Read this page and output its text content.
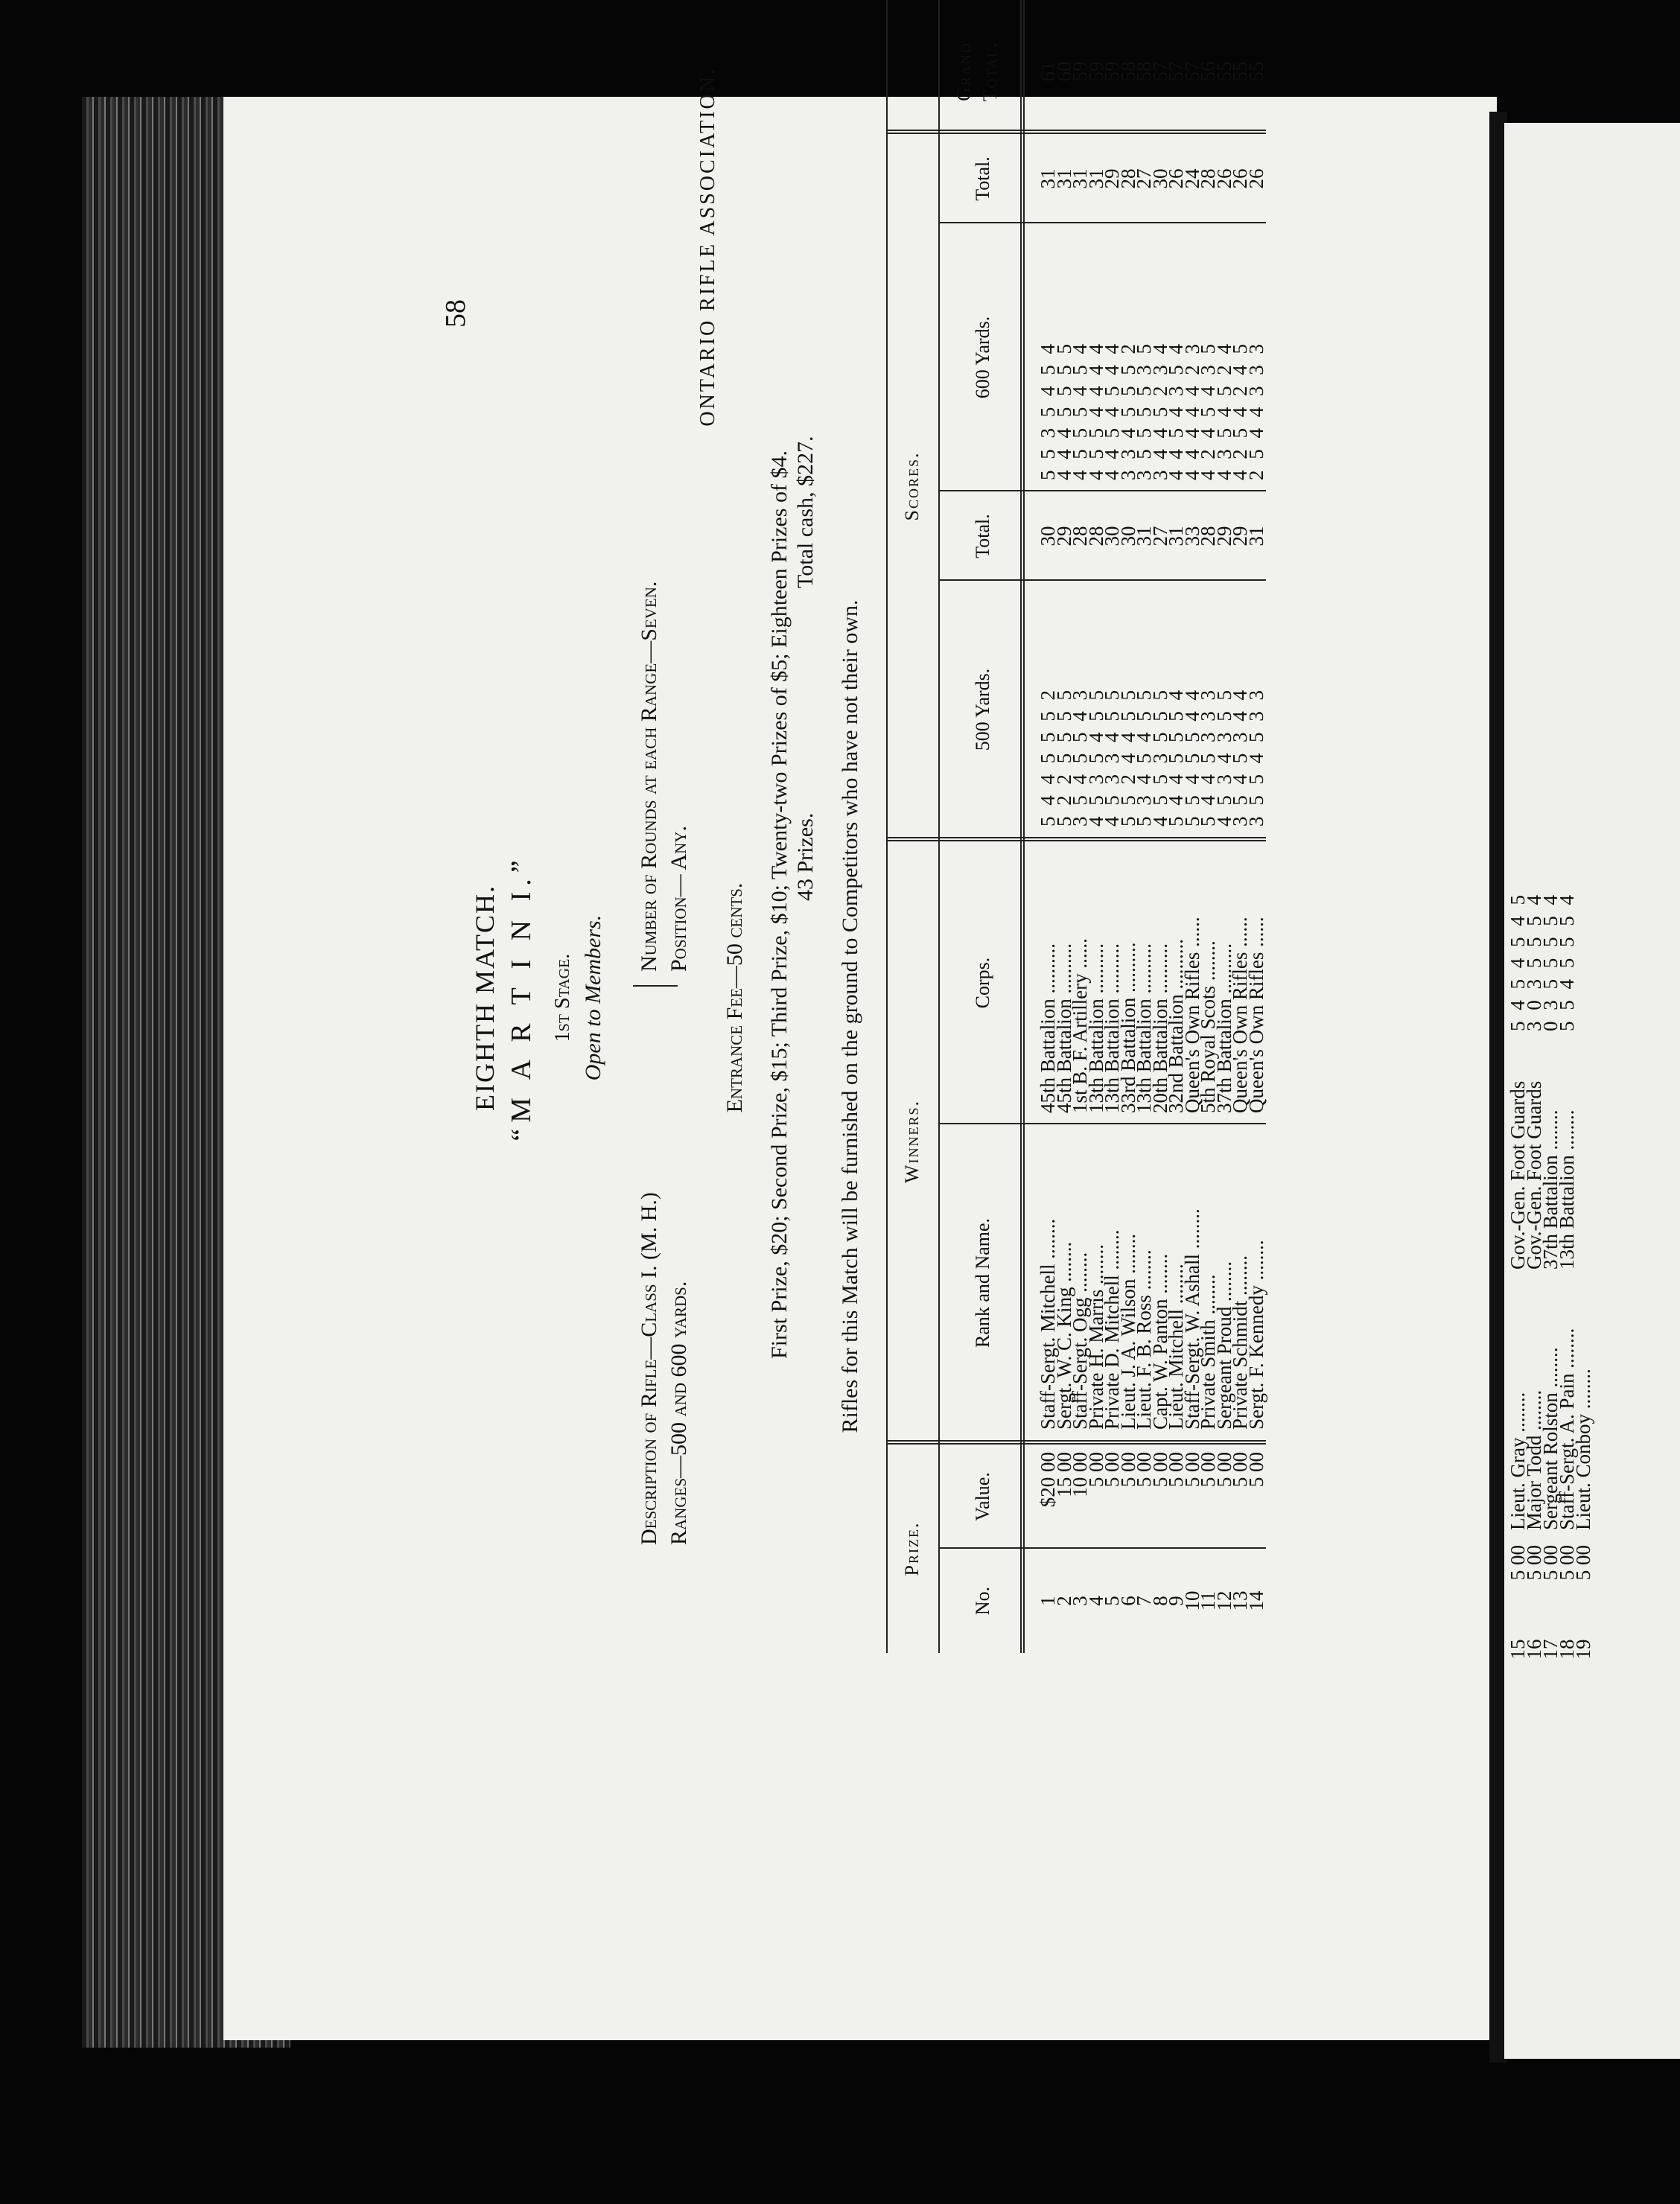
58	ONTARIO RIFLE ASSOCIATION.
EIGHTH MATCH. “M A R T I N I.” 1st Stage. Open to Members.
Description of Rifle—Class I. (M. H.) Ranges—500 and 600 yards.
Number of Rounds at each Range—Seven. Position— Any. Entrance Fee—50 cents. First Prize, $20; Second Prize, $15; Third Prize, $10; Twenty-two Prizes of $5; Eighteen Prizes of $4. 43 Prizes.
Total cash, $227.
Rifles for this Match will be furnished on the ground to Competitors who have not their own.
Prize.
No.
Value.
Winners.
Rank and Name.
Corps.
Scores.
500 Yards.
Total.
600 Yards.
Total.
Grand Total.
1
$20 00
Staff-Sergt. Mitchell ........
45th Battalion ..........
5 4 4 5 5 5 2
30
5 5 3 5 4 5 4
31
61
2
15 00
Sergt. W. C. King ........
45th Battalion ..........
5 2 2 5 5 5 5
29
4 4 4 5 5 5 5
31
60
3
10 00
Staff-Sergt. Ogg ........
1st B. F. Artillery ......
3 5 4 5 5 4 3
28
4 5 5 5 4 5 4
31
59
4
5 00
Private H. Marris ........
13th Battalion ..........
4 5 3 5 4 5 5
28
4 5 5 4 4 4 4
31
59
5
5 00
Private D. Mitchell ........
13th Battalion ..........
4 5 3 3 4 5 5
30
4 4 5 4 5 4 4
29
59
6
5 00
Lieut. J. A. Wilson ........
33rd Battalion ..........
5 5 2 4 4 5 5
30
3 3 4 5 5 5 2
28
58
7
5 00
Lieut. F. B. Ross ........
13th Battalion ..........
5 3 4 5 4 5 5
31
3 5 5 5 5 3 5
27
58
8
5 00
Capt. W. Panton ........
20th Battalion ..........
4 5 5 3 5 5 5
27
3 4 4 5 2 3 4
30
57
9
5 00
Lieut. Mitchell ........
32nd Battalion ..........
5 4 4 5 5 5 4
31
4 4 5 4 3 5 4
26
57
10
5 00
Staff-Sergt. W. Ashall ........
Queen's Own Rifles ......
5 5 4 5 5 4 4
33
4 4 4 4 4 2 3
24
57
11
5 00
Private Smith ........
5th Royal Scots ........
5 4 4 5 3 3 3
28
4 2 4 5 4 3 5
28
56
12
5 00
Sergeant Proud ........
37th Battalion ..........
4 5 3 4 3 5 5
29
4 3 5 4 5 2 4
26
55
13
5 00
Private Schmidt ........
Queen's Own Rifles ......
3 5 4 5 3 4 4
29
4 2 5 4 2 4 5
26
55
14
5 00
Sergt. F. Kennedy ........
Queen's Own Rifles ......
3 5 5 4 5 3 3
31
2 5 4 4 3 3 3
26
55
15
5 00
Lieut. Gray ........
Gov.-Gen. Foot Guards
5 4 5 4 5 4 5
16
5 00
Major Todd ........
Gov.-Gen. Foot Guards
3 0 3 5 5 5 4
17
5 00
Sergeant Rolston ........
37th Battalion ........
0 3 5 5 5 5 4
18
5 00
Staff-Sergt. A. Pain ........
13th Battalion ........
5 5 4 5 5 5 4
19
5 00
Lieut. Conboy ........
